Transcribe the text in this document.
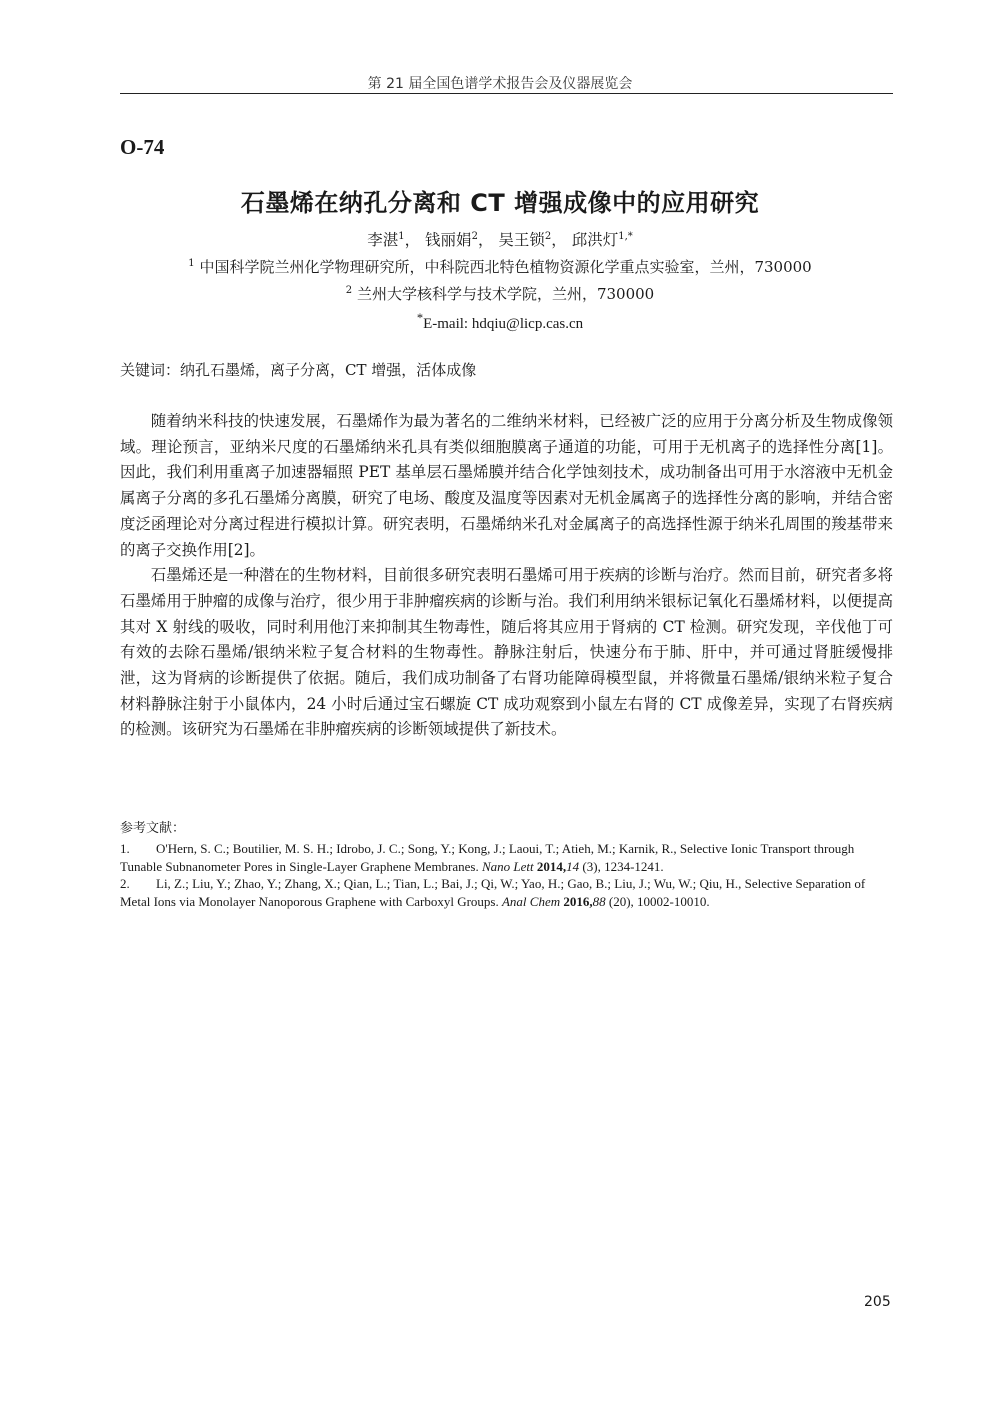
第 21 届全国色谱学术报告会及仪器展览会
O-74
石墨烯在纳孔分离和 CT 增强成像中的应用研究
李湛$^1$， 钱丽娟$^2$， 吴王锁$^2$， 邱洪灯$^{1,*}$
$^1$ 中国科学院兰州化学物理研究所，中科院西北特色植物资源化学重点实验室，兰州，730000
$^2$ 兰州大学核科学与技术学院，兰州，730000
*E-mail: hdqiu@licp.cas.cn
关键词：纳孔石墨烯，离子分离，CT 增强，活体成像

随着纳米科技的快速发展，石墨烯作为最为著名的二维纳米材料，已经被广泛的应用于分离分析及生物成像领域。理论预言，亚纳米尺度的石墨烯纳米孔具有类似细胞膜离子通道的功能，可用于无机离子的选择性分离[1]。因此，我们利用重离子加速器辐照 PET 基单层石墨烯膜并结合化学蚀刻技术，成功制备出可用于水溶液中无机金属离子分离的多孔石墨烯分离膜，研究了电场、酸度及温度等因素对无机金属离子的选择性分离的影响，并结合密度泛函理论对分离过程进行模拟计算。研究表明，石墨烯纳米孔对金属离子的高选择性源于纳米孔周围的羧基带来的离子交换作用[2]。

石墨烯还是一种潜在的生物材料，目前很多研究表明石墨烯可用于疾病的诊断与治疗。然而目前，研究者多将石墨烯用于肿瘤的成像与治疗，很少用于非肿瘤疾病的诊断与治。我们利用纳米银标记氧化石墨烯材料，以便提高其对 X 射线的吸收，同时利用他汀来抑制其生物毒性，随后将其应用于肾病的 CT 检测。研究发现，辛伐他丁可有效的去除石墨烯/银纳米粒子复合材料的生物毒性。静脉注射后，快速分布于肺、肝中，并可通过肾脏缓慢排泄，这为肾病的诊断提供了依据。随后，我们成功制备了右肾功能障碍模型鼠，并将微量石墨烯/银纳米粒子复合材料静脉注射于小鼠体内，24 小时后通过宝石螺旋 CT 成功观察到小鼠左右肾的 CT 成像差异，实现了右肾疾病的检测。该研究为石墨烯在非肿瘤疾病的诊断领域提供了新技术。

参考文献：

1. O'Hern, S. C.; Boutilier, M. S. H.; Idrobo, J. C.; Song, Y.; Kong, J.; Laoui, T.; Atieh, M.; Karnik, R., Selective Ionic Transport through Tunable Subnanometer Pores in Single-Layer Graphene Membranes. Nano Lett 2014,14 (3), 1234-1241.

2. Li, Z.; Liu, Y.; Zhao, Y.; Zhang, X.; Qian, L.; Tian, L.; Bai, J.; Qi, W.; Yao, H.; Gao, B.; Liu, J.; Wu, W.; Qiu, H., Selective Separation of Metal Ions via Monolayer Nanoporous Graphene with Carboxyl Groups. Anal Chem 2016,88 (20), 10002-10010.

205
